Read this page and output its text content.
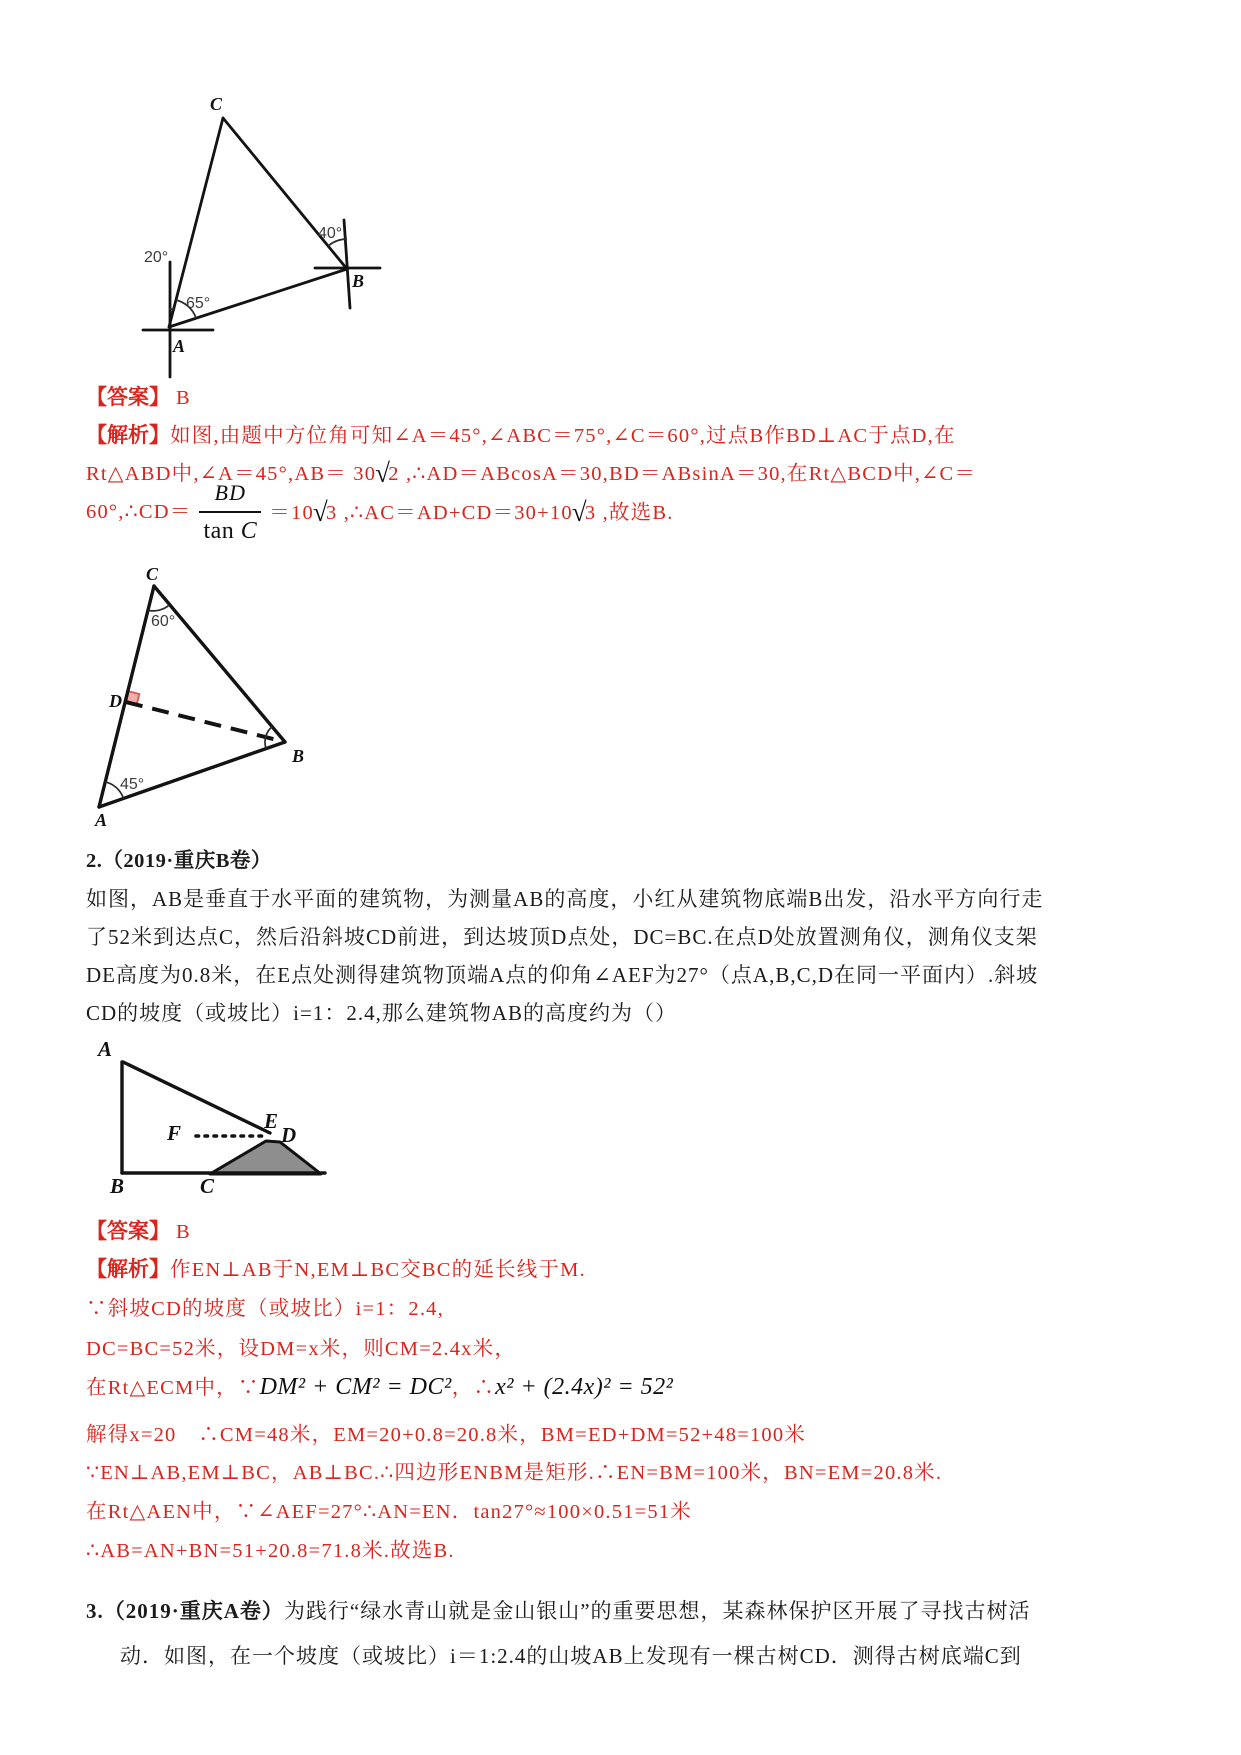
C
B
A
20°
65°
40°
【答案】 B
【解析】如图,由题中方位角可知∠A＝45°,∠ABC＝75°,∠C＝60°,过点B作BD⊥AC于点D,在
Rt△ABD中,∠A＝45°,AB＝ 30√2 ,∴AD＝ABcosA＝30,BD＝ABsinA＝30,在Rt△BCD中,∠C＝
60°,∴CD＝ $\frac{BD}{\text{tan C}} =10√3$ ,∴AC＝AD+CD＝30+10√3 ,故选B.
C
D
B
A
60°
45°
2.（2019·重庆B卷）
如图，AB是垂直于水平面的建筑物，为测量AB的高度，小红从建筑物底端B出发，沿水平方向行走
了52米到达点C，然后沿斜坡CD前进，到达坡顶D点处，DC=BC.在点D处放置测角仪，测角仪支架
DE高度为0.8米，在E点处测得建筑物顶端A点的仰角∠AEF为27°（点A,B,C,D在同一平面内）.斜坡
CD的坡度（或坡比）i=1：2.4,那么建筑物AB的高度约为（）
A
B	C
F	E
D
【答案】 B
【解析】作EN⊥AB于N,EM⊥BC交BC的延长线于M.
∵斜坡CD的坡度（或坡比）i=1：2.4,
DC=BC=52米，设DM=x米，则CM=2.4x米，
在Rt△ECM中，∵DM² + CM² = DC²，∴x² + (2.4x)² = 52²
解得x=20　∴CM=48米，EM=20+0.8=20.8米，BM=ED+DM=52+48=100米
∵EN⊥AB,EM⊥BC，AB⊥BC.∴四边形ENBM是矩形.∴EN=BM=100米，BN=EM=20.8米.
在Rt△AEN中，∵∠AEF=27°∴AN=EN．tan27°≈100×0.51=51米
∴AB=AN+BN=51+20.8=71.8米.故选B.
3.（2019·重庆A卷）为践行“绿水青山就是金山银山”的重要思想，某森林保护区开展了寻找古树活
动．如图，在一个坡度（或坡比）i＝1:2.4的山坡AB上发现有一棵古树CD．测得古树底端C到
